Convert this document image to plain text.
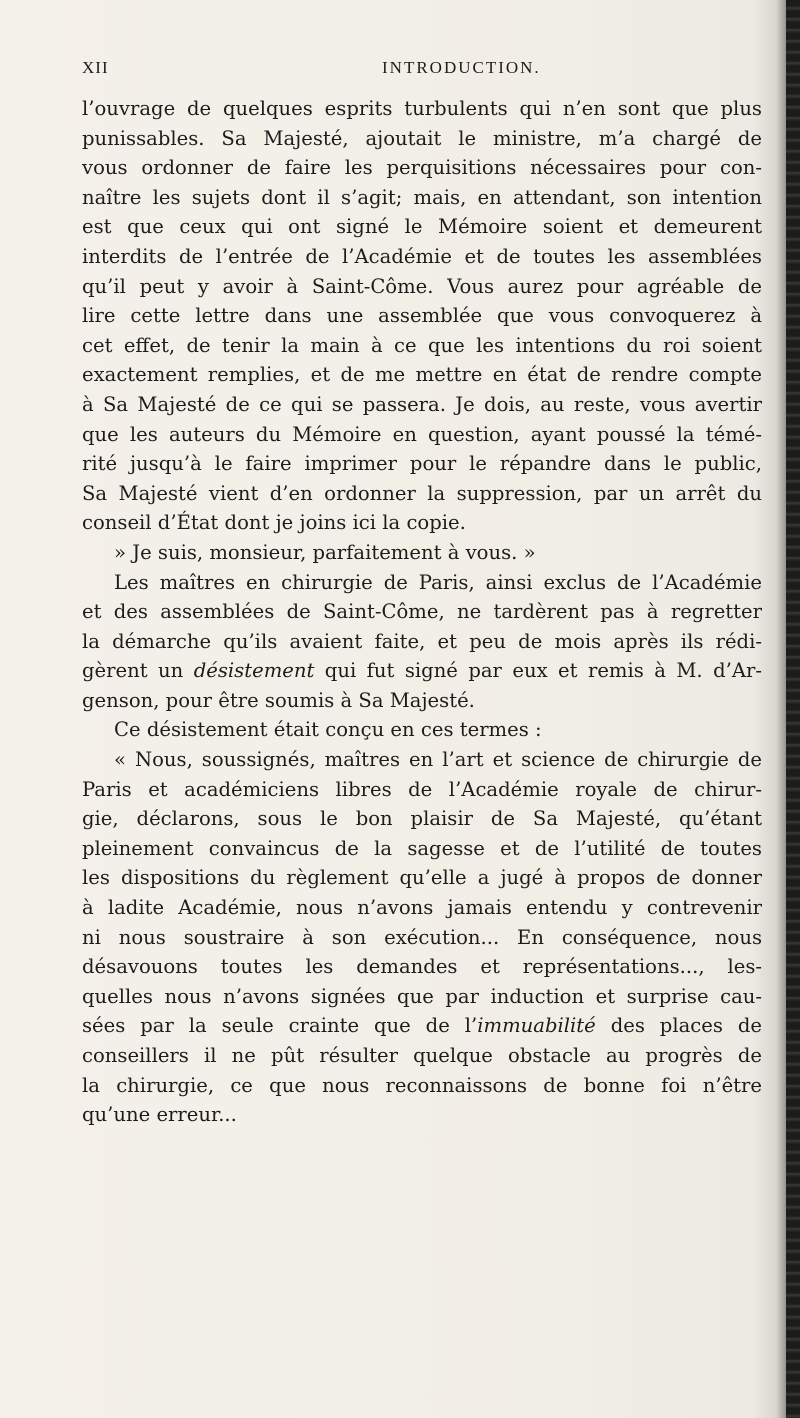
XII	INTRODUCTION.
l’ouvrage de quelques esprits turbulents qui n’en sont que plus
punissables. Sa Majesté, ajoutait le ministre, m’a chargé de
vous ordonner de faire les perquisitions nécessaires pour con-
naître les sujets dont il s’agit; mais, en attendant, son intention
est que ceux qui ont signé le Mémoire soient et demeurent
interdits de l’entrée de l’Académie et de toutes les assemblées
qu’il peut y avoir à Saint-Côme. Vous aurez pour agréable de
lire cette lettre dans une assemblée que vous convoquerez à
cet effet, de tenir la main à ce que les intentions du roi soient
exactement remplies, et de me mettre en état de rendre compte
à Sa Majesté de ce qui se passera. Je dois, au reste, vous avertir
que les auteurs du Mémoire en question, ayant poussé la témé-
rité jusqu’à le faire imprimer pour le répandre dans le public,
Sa Majesté vient d’en ordonner la suppression, par un arrêt du
conseil d’État dont je joins ici la copie.
» Je suis, monsieur, parfaitement à vous. »
Les maîtres en chirurgie de Paris, ainsi exclus de l’Académie
et des assemblées de Saint-Côme, ne tardèrent pas à regretter
la démarche qu’ils avaient faite, et peu de mois après ils rédi-
gèrent un désistement qui fut signé par eux et remis à M. d’Ar-
genson, pour être soumis à Sa Majesté.
Ce désistement était conçu en ces termes :
« Nous, soussignés, maîtres en l’art et science de chirurgie de
Paris et académiciens libres de l’Académie royale de chirur-
gie, déclarons, sous le bon plaisir de Sa Majesté, qu’étant
pleinement convaincus de la sagesse et de l’utilité de toutes
les dispositions du règlement qu’elle a jugé à propos de donner
à ladite Académie, nous n’avons jamais entendu y contrevenir
ni nous soustraire à son exécution... En conséquence, nous
désavouons toutes les demandes et représentations..., les-
quelles nous n’avons signées que par induction et surprise cau-
sées par la seule crainte que de l’immuabilité des places de
conseillers il ne pût résulter quelque obstacle au progrès de
la chirurgie, ce que nous reconnaissons de bonne foi n’être
qu’une erreur...
